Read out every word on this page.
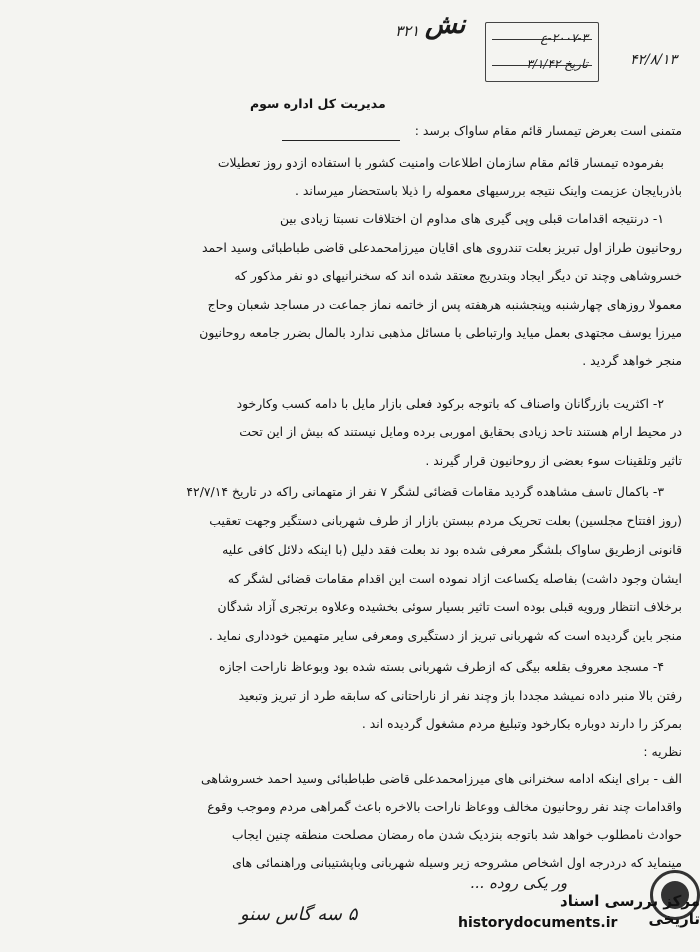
۳۲۱ نش	۲۰۰۷-۳-ع
تاریخ ۳/۱/۴۲	۴۲/۸/۱۳
مدیریت کل اداره سوم
متمنی است بعرض تیمسار قائم مقام ساواک برسد :
بفرموده تیمسار قائم مقام سازمان اطلاعات وامنیت کشور با استفاده ازدو روز تعطیلات
باذربایجان عزیمت واینک نتیجه بررسیهای معموله را ذیلا باستحضار میرساند .
۱- درنتیجه اقدامات قبلی وپی گیری های مداوم ان اختلافات نسبتا زیادی بین
روحانیون طراز اول تبریز بعلت تندروی های اقایان میرزامحمدعلی قاضی طباطبائی وسید احمد
خسروشاهی وچند تن دیگر ایجاد وبتدریج معتقد شده اند که سخنرانیهای دو نفر مذکور که
معمولا روزهای چهارشنبه وپنجشنبه هرهفته پس از خاتمه نماز جماعت در مساجد شعبان وحاج
میرزا یوسف مجتهدی بعمل میاید وارتباطی با مسائل مذهبی ندارد بالمال بضرر جامعه روحانیون
منجر خواهد گردید .
۲- اکثریت بازرگانان واصناف که باتوجه برکود فعلی بازار مایل با دامه کسب وکارخود
در محیط ارام هستند تاحد زیادی بحقایق اموربی برده ومایل نیستند که بیش از این تحت
تاثیر وتلقینات سوء بعضی از روحانیون قرار گیرند .
۳- باکمال تاسف مشاهده گردید مقامات قضائی لشگر ۷ نفر از متهمانی راکه در تاریخ ۴۲/۷/۱۴
(روز افتتاح مجلسین) بعلت تحریک مردم ببستن بازار از طرف شهربانی دستگیر وجهت تعقیب
قانونی ازطریق ساواک بلشگر معرفی شده بود ند بعلت فقد دلیل (با اینکه دلائل کافی علیه
ایشان وجود داشت) بفاصله یکساعت ازاد نموده است این اقدام مقامات قضائی لشگر که
برخلاف انتظار ورویه قبلی بوده است تاثیر بسیار سوئی بخشیده وعلاوه برتجری آزاد شدگان
منجر باین گردیده است که شهربانی تبریز از دستگیری ومعرفی سایر متهمین خودداری نماید .
۴- مسجد معروف بقلعه بیگی که ازطرف شهربانی بسته شده بود وبوعاظ ناراحت اجازه
رفتن بالا منبر داده نمیشد مجددا باز وچند نفر از ناراحتانی که سابقه طرد از تبریز وتبعید
بمرکز را دارند دوباره بکارخود وتبلیغ مردم مشغول گردیده اند .
نظریه :
الف - برای اینکه ادامه سخنرانی های میرزامحمدعلی قاضی طباطبائی وسید احمد خسروشاهی
واقدامات چند نفر روحانیون مخالف ووعاظ ناراحت بالاخره باعث گمراهی مردم وموجب وقوع
حوادث نامطلوب خواهد شد باتوجه بنزدیک شدن ماه رمضان مصلحت منطقه چنین ایجاب
مینماید که دردرجه اول اشخاص مشروحه زیر وسیله شهربانی وباپشتیبانی وراهنمائی های
۵ سه گاس سنو
ور یکی روده ...
مرکز بررسی اسناد تاریخی
historydocuments.ir
